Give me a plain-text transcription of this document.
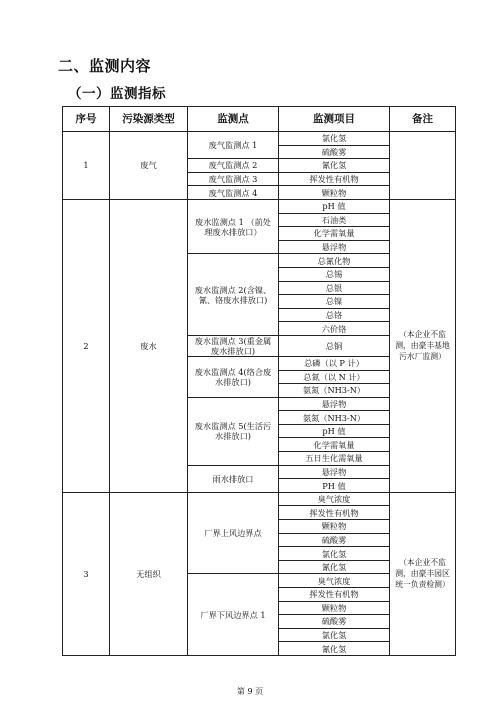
二、监测内容
（一）监测指标
序号	污染源类型	监测点	监测项目	备注
1	废气	废气监测点 1	氯化氢	
			硫酸雾	
		废气监测点 2	氰化氢	
		废气监测点 3	挥发性有机物	
		废气监测点 4	颗粒物	
2	废水	废水监测点 1 （前处理废水排放口）	pH 值	（本企业不监测，由豪丰基地污水厂监测）
			石油类	
			化学需氧量	
			悬浮物	
		废水监测点 2(含镍、氰、铬废水排放口)	总氰化物	
			总锡	
			总银	
			总镍	
			总铬	
			六价铬	
		废水监测点 3(重金属废水排放口)	总铜	
		废水监测点 4(络合废水排放口)	总磷（以 P 计）	
			总氮（以 N 计）	
			氨氮（NH3-N）	
		废水监测点 5(生活污水排放口)	悬浮物	
			氨氮（NH3-N）	
			pH 值	
			化学需氧量	
			五日生化需氧量	
		雨水排放口	悬浮物	
			PH 值	
3	无组织	厂界上风边界点	臭气浓度	（本企业不监测，由豪丰园区统一负责检测）
			挥发性有机物	
			颗粒物	
			硫酸雾	
			氯化氢	
			氰化氢	
		厂界下风边界点 1	臭气浓度	
			挥发性有机物	
			颗粒物	
			硫酸雾	
			氯化氢	
			氰化氢	
第 9 页
